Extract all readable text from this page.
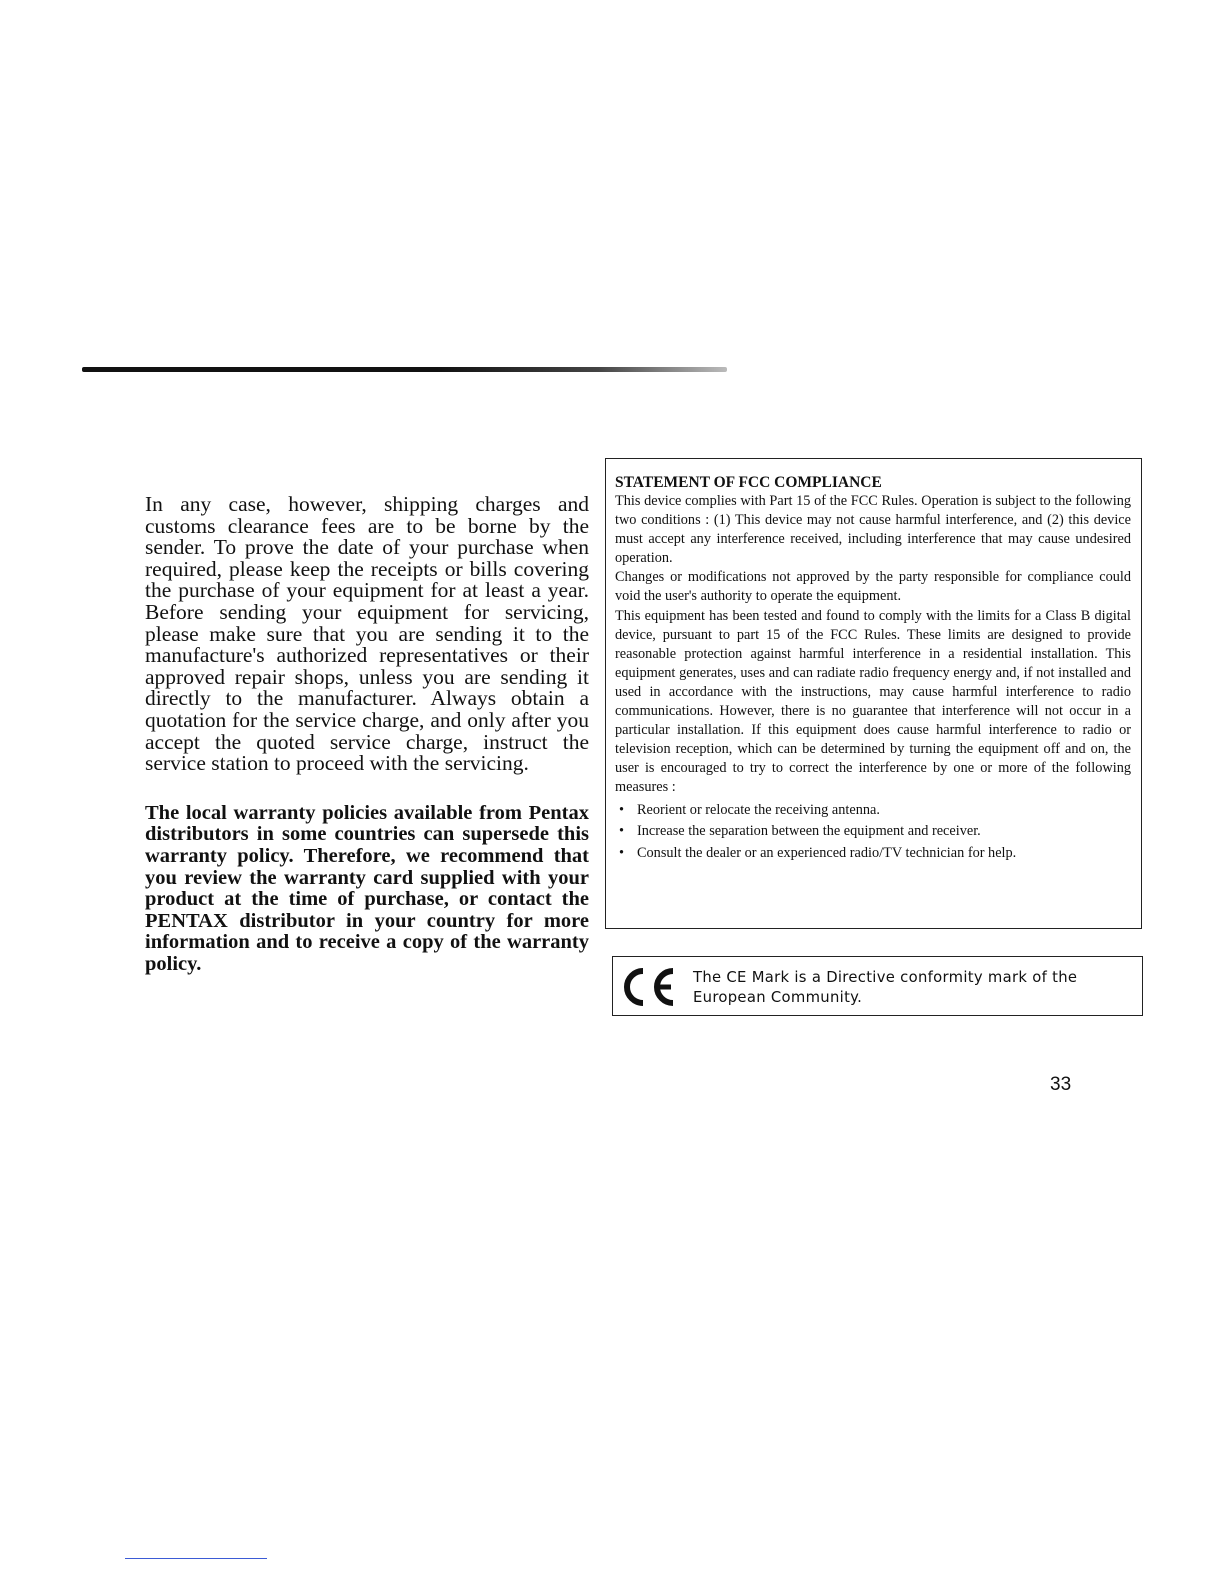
In any case, however, shipping charges and customs clearance fees are to be borne by the sender. To prove the date of your purchase when required, please keep the receipts or bills covering the purchase of your equipment for at least a year. Before sending your equipment for servicing, please make sure that you are sending it to the manufacture's authorized representatives or their approved repair shops, unless you are sending it directly to the manufacturer. Always obtain a quotation for the service charge, and only after you accept the quoted service charge, instruct the service station to proceed with the servicing.

The local warranty policies available from Pentax distributors in some countries can supersede this warranty policy. Therefore, we recommend that you review the warranty card supplied with your product at the time of purchase, or contact the PENTAX distributor in your country for more information and to receive a copy of the warranty policy.

STATEMENT OF FCC COMPLIANCE

This device complies with Part 15 of the FCC Rules. Operation is subject to the following two conditions : (1) This device may not cause harmful interference, and (2) this device must accept any interference received, including interference that may cause undesired operation.

Changes or modifications not approved by the party responsible for compliance could void the user's authority to operate the equipment.

This equipment has been tested and found to comply with the limits for a Class B digital device, pursuant to part 15 of the FCC Rules. These limits are designed to provide reasonable protection against harmful interference in a residential installation. This equipment generates, uses and can radiate radio frequency energy and, if not installed and used in accordance with the instructions, may cause harmful interference to radio communications. However, there is no guarantee that interference will not occur in a particular installation. If this equipment does cause harmful interference to radio or television reception, which can be determined by turning the equipment off and on, the user is encouraged to try to correct the interference by one or more of the following measures :

• Reorient or relocate the receiving antenna.
• Increase the separation between the equipment and receiver.
• Consult the dealer or an experienced radio/TV technician for help.
The CE Mark is a Directive conformity mark of the
European Community.
33
